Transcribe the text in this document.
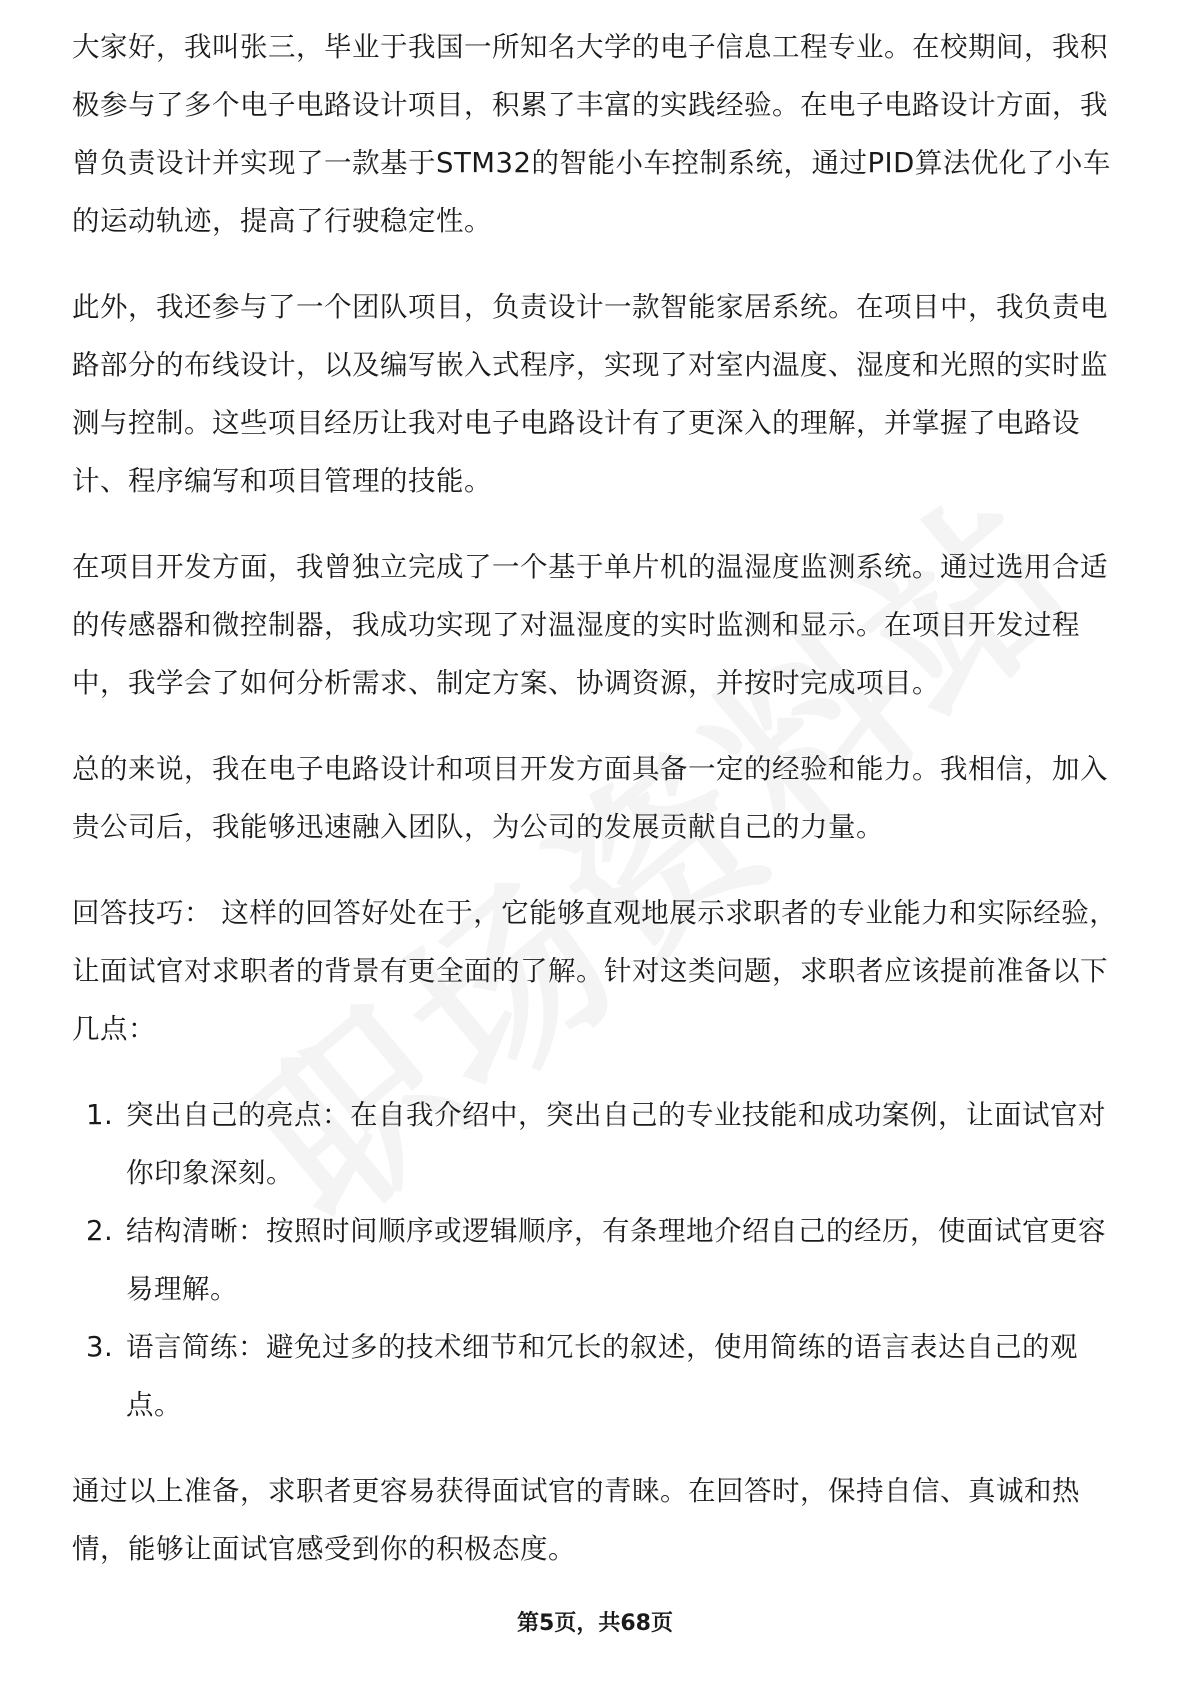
大家好，我叫张三，毕业于我国一所知名大学的电子信息工程专业。在校期间，我积极参与了多个电子电路设计项目，积累了丰富的实践经验。在电子电路设计方面，我曾负责设计并实现了一款基于STM32的智能小车控制系统，通过PID算法优化了小车的运动轨迹，提高了行驶稳定性。

此外，我还参与了一个团队项目，负责设计一款智能家居系统。在项目中，我负责电路部分的布线设计，以及编写嵌入式程序，实现了对室内温度、湿度和光照的实时监测与控制。这些项目经历让我对电子电路设计有了更深入的理解，并掌握了电路设计、程序编写和项目管理的技能。

在项目开发方面，我曾独立完成了一个基于单片机的温湿度监测系统。通过选用合适的传感器和微控制器，我成功实现了对温湿度的实时监测和显示。在项目开发过程中，我学会了如何分析需求、制定方案、协调资源，并按时完成项目。

总的来说，我在电子电路设计和项目开发方面具备一定的经验和能力。我相信，加入贵公司后，我能够迅速融入团队，为公司的发展贡献自己的力量。

回答技巧： 这样的回答好处在于，它能够直观地展示求职者的专业能力和实际经验，让面试官对求职者的背景有更全面的了解。针对这类问题，求职者应该提前准备以下几点：

1. 突出自己的亮点：在自我介绍中，突出自己的专业技能和成功案例，让面试官对你印象深刻。
2. 结构清晰：按照时间顺序或逻辑顺序，有条理地介绍自己的经历，使面试官更容易理解。
3. 语言简练：避免过多的技术细节和冗长的叙述，使用简练的语言表达自己的观点。

通过以上准备，求职者更容易获得面试官的青睐。在回答时，保持自信、真诚和热情，能够让面试官感受到你的积极态度。

第5页，共68页
